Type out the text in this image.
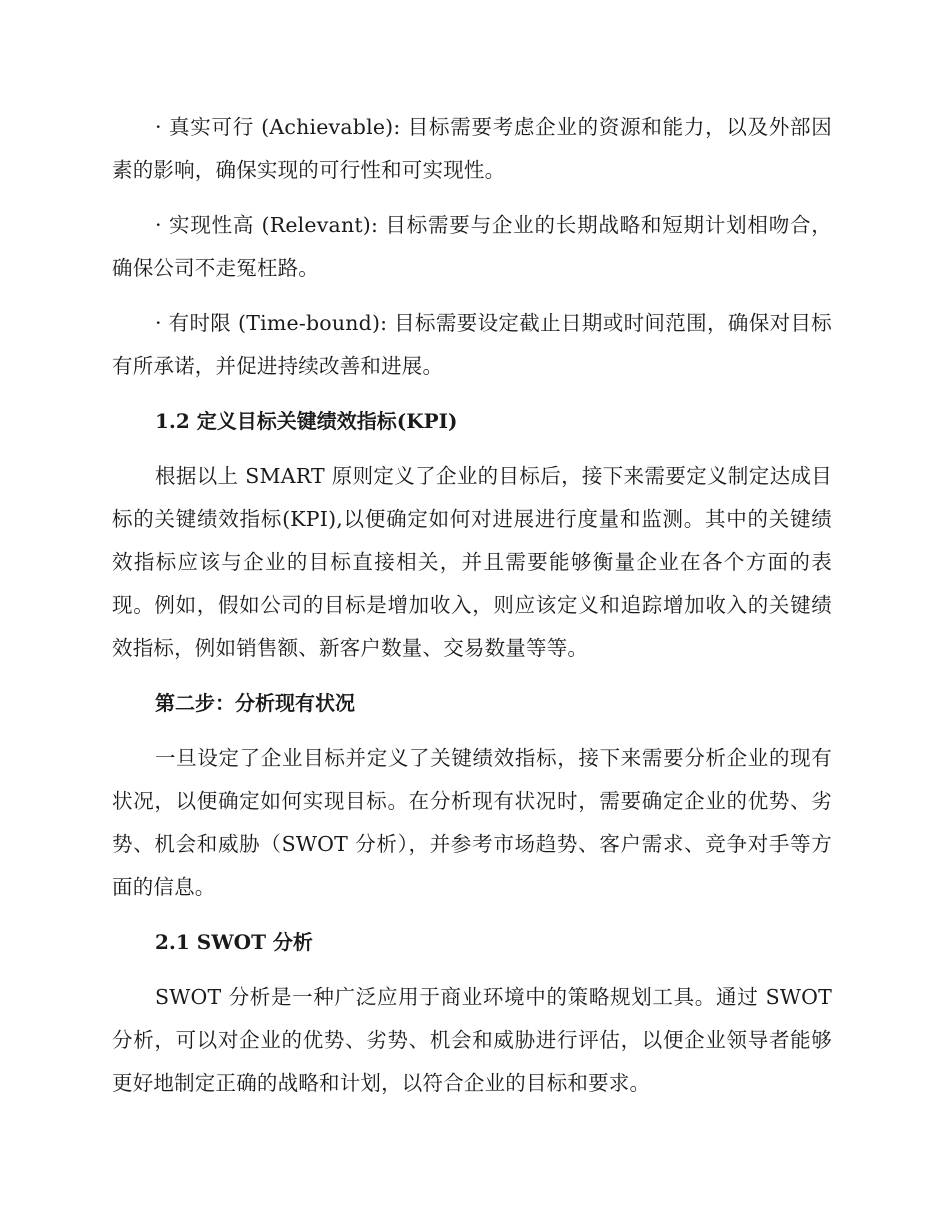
· 真实可行 (Achievable): 目标需要考虑企业的资源和能力，以及外部因素的影响，确保实现的可行性和可实现性。

· 实现性高 (Relevant): 目标需要与企业的长期战略和短期计划相吻合，确保公司不走冤枉路。

· 有时限 (Time-bound): 目标需要设定截止日期或时间范围，确保对目标有所承诺，并促进持续改善和进展。

1.2 定义目标关键绩效指标(KPI)

根据以上 SMART 原则定义了企业的目标后，接下来需要定义制定达成目标的关键绩效指标(KPI),以便确定如何对进展进行度量和监测。其中的关键绩效指标应该与企业的目标直接相关，并且需要能够衡量企业在各个方面的表现。例如，假如公司的目标是增加收入，则应该定义和追踪增加收入的关键绩效指标，例如销售额、新客户数量、交易数量等等。

第二步：分析现有状况

一旦设定了企业目标并定义了关键绩效指标，接下来需要分析企业的现有状况，以便确定如何实现目标。在分析现有状况时，需要确定企业的优势、劣势、机会和威胁（SWOT 分析），并参考市场趋势、客户需求、竞争对手等方面的信息。

2.1 SWOT 分析

SWOT 分析是一种广泛应用于商业环境中的策略规划工具。通过 SWOT 分析，可以对企业的优势、劣势、机会和威胁进行评估，以便企业领导者能够更好地制定正确的战略和计划，以符合企业的目标和要求。
